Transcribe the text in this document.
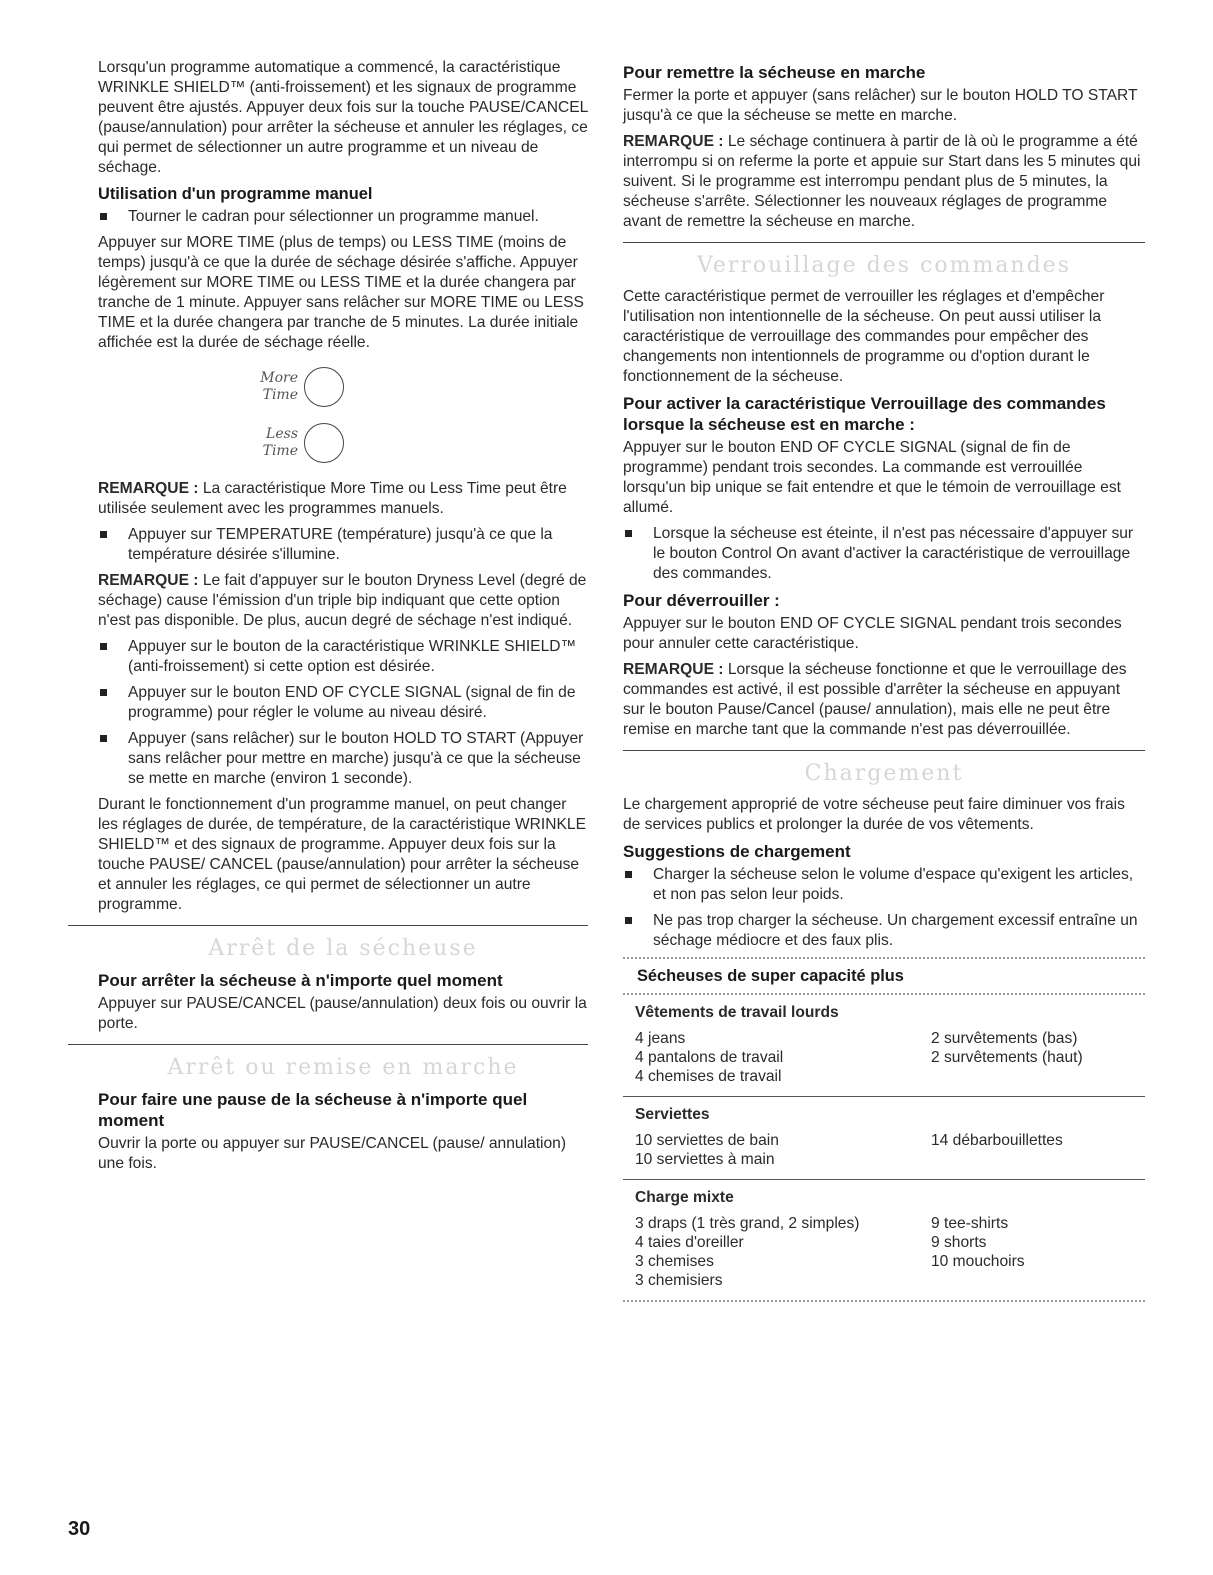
Lorsqu'un programme automatique a commencé, la caractéristique WRINKLE SHIELD™ (anti-froissement) et les signaux de programme peuvent être ajustés. Appuyer deux fois sur la touche PAUSE/CANCEL (pause/annulation) pour arrêter la sécheuse et annuler les réglages, ce qui permet de sélectionner un autre programme et un niveau de séchage.

Utilisation d'un programme manuel
Tourner le cadran pour sélectionner un programme manuel.

Appuyer sur MORE TIME (plus de temps) ou LESS TIME (moins de temps) jusqu'à ce que la durée de séchage désirée s'affiche. Appuyer légèrement sur MORE TIME ou LESS TIME et la durée changera par tranche de 1 minute. Appuyer sans relâcher sur MORE TIME ou LESS TIME et la durée changera par tranche de 5 minutes. La durée initiale affichée est la durée de séchage réelle.

More
Time
Less
Time

REMARQUE : La caractéristique More Time ou Less Time peut être utilisée seulement avec les programmes manuels.

Appuyer sur TEMPERATURE (température) jusqu'à ce que la température désirée s'illumine.

REMARQUE : Le fait d'appuyer sur le bouton Dryness Level (degré de séchage) cause l'émission d'un triple bip indiquant que cette option n'est pas disponible. De plus, aucun degré de séchage n'est indiqué.

Appuyer sur le bouton de la caractéristique WRINKLE SHIELD™ (anti-froissement) si cette option est désirée.
Appuyer sur le bouton END OF CYCLE SIGNAL (signal de fin de programme) pour régler le volume au niveau désiré.
Appuyer (sans relâcher) sur le bouton HOLD TO START (Appuyer sans relâcher pour mettre en marche) jusqu'à ce que la sécheuse se mette en marche (environ 1 seconde).

Durant le fonctionnement d'un programme manuel, on peut changer les réglages de durée, de température, de la caractéristique WRINKLE SHIELD™ et des signaux de programme. Appuyer deux fois sur la touche PAUSE/ CANCEL (pause/annulation) pour arrêter la sécheuse et annuler les réglages, ce qui permet de sélectionner un autre programme.

Arrêt de la sécheuse
Pour arrêter la sécheuse à n'importe quel moment

Appuyer sur PAUSE/CANCEL (pause/annulation) deux fois ou ouvrir la porte.

Arrêt ou remise en marche
Pour faire une pause de la sécheuse à n'importe quel moment

Ouvrir la porte ou appuyer sur PAUSE/CANCEL (pause/ annulation) une fois.

Pour remettre la sécheuse en marche

Fermer la porte et appuyer (sans relâcher) sur le bouton HOLD TO START jusqu'à ce que la sécheuse se mette en marche.

REMARQUE : Le séchage continuera à partir de là où le programme a été interrompu si on referme la porte et appuie sur Start dans les 5 minutes qui suivent. Si le programme est interrompu pendant plus de 5 minutes, la sécheuse s'arrête. Sélectionner les nouveaux réglages de programme avant de remettre la sécheuse en marche.

Verrouillage des commandes

Cette caractéristique permet de verrouiller les réglages et d'empêcher l'utilisation non intentionnelle de la sécheuse. On peut aussi utiliser la caractéristique de verrouillage des commandes pour empêcher des changements non intentionnels de programme ou d'option durant le fonctionnement de la sécheuse.

Pour activer la caractéristique Verrouillage des commandes lorsque la sécheuse est en marche :

Appuyer sur le bouton END OF CYCLE SIGNAL (signal de fin de programme) pendant trois secondes. La commande est verrouillée lorsqu'un bip unique se fait entendre et que le témoin de verrouillage est allumé.

Lorsque la sécheuse est éteinte, il n'est pas nécessaire d'appuyer sur le bouton Control On avant d'activer la caractéristique de verrouillage des commandes.
Pour déverrouiller :

Appuyer sur le bouton END OF CYCLE SIGNAL pendant trois secondes pour annuler cette caractéristique.

REMARQUE : Lorsque la sécheuse fonctionne et que le verrouillage des commandes est activé, il est possible d'arrêter la sécheuse en appuyant sur le bouton Pause/Cancel (pause/ annulation), mais elle ne peut être remise en marche tant que la commande n'est pas déverrouillée.

Chargement

Le chargement approprié de votre sécheuse peut faire diminuer vos frais de services publics et prolonger la durée de vos vêtements.

Suggestions de chargement
Charger la sécheuse selon le volume d'espace qu'exigent les articles, et non pas selon leur poids.
Ne pas trop charger la sécheuse. Un chargement excessif entraîne un séchage médiocre et des faux plis.
Sécheuses de super capacité plus
Vêtements de travail lourds
4 jeans
4 pantalons de travail
4 chemises de travail
2 survêtements (bas)
2 survêtements (haut)
Serviettes
10 serviettes de bain
10 serviettes à main
14 débarbouillettes
Charge mixte
3 draps (1 très grand, 2 simples)
4 taies d'oreiller
3 chemises
3 chemisiers
9 tee-shirts
9 shorts
10 mouchoirs
30
